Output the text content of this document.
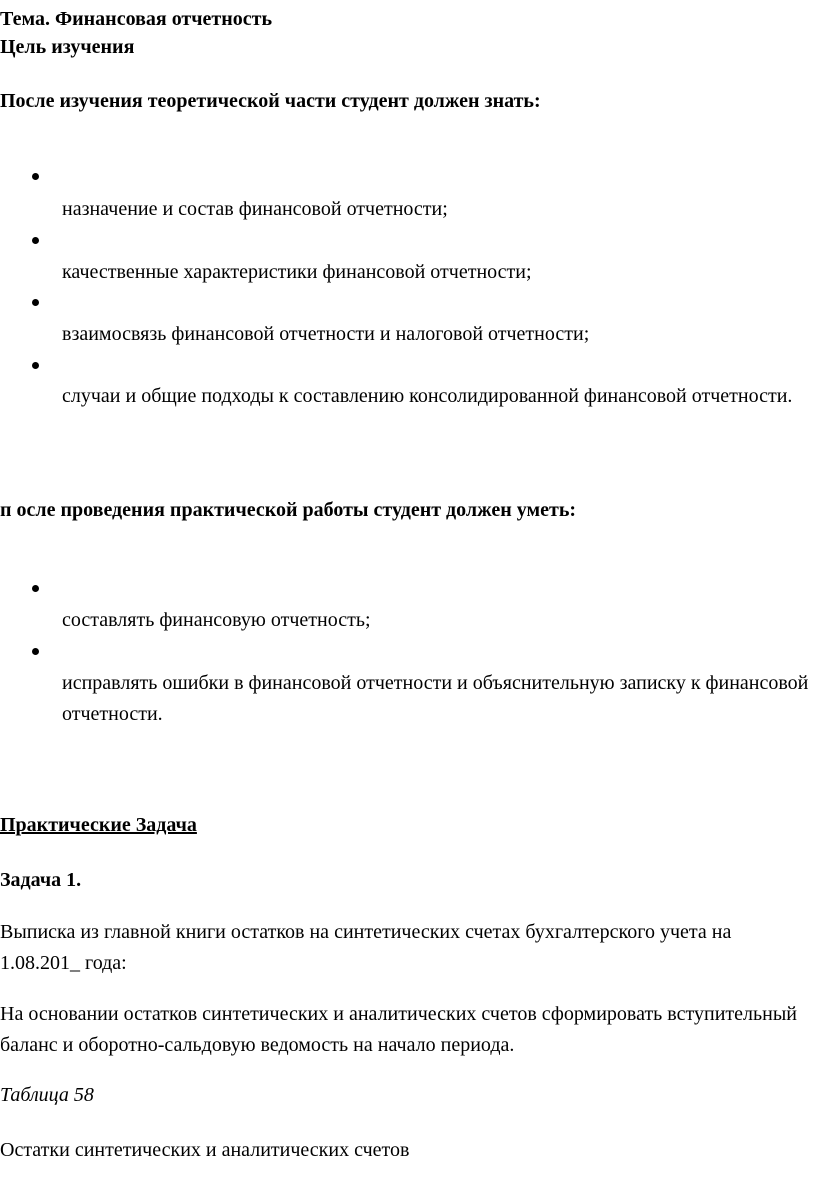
Тема. Финансовая отчетность
Цель изучения
После изучения теоретической части студент должен знать:
назначение и состав финансовой отчетности;
качественные характеристики финансовой отчетности;
взаимосвязь финансовой отчетности и налоговой отчетности;
случаи и общие подходы к составлению консолидированной финансовой отчетности.
п осле проведения практической работы студент должен уметь:
составлять финансовую отчетность;
исправлять ошибки в финансовой отчетности и объяснительную записку к финансовой отчетности.
Практические Задача
Задача 1.
Выписка из главной книги остатков на синтетических счетах бухгалтерского учета на 1.08.201_ года:
На основании остатков синтетических и аналитических счетов сформировать вступительный баланс и оборотно-сальдовую ведомость на начало периода.
Таблица 58
Остатки синтетических и аналитических счетов
